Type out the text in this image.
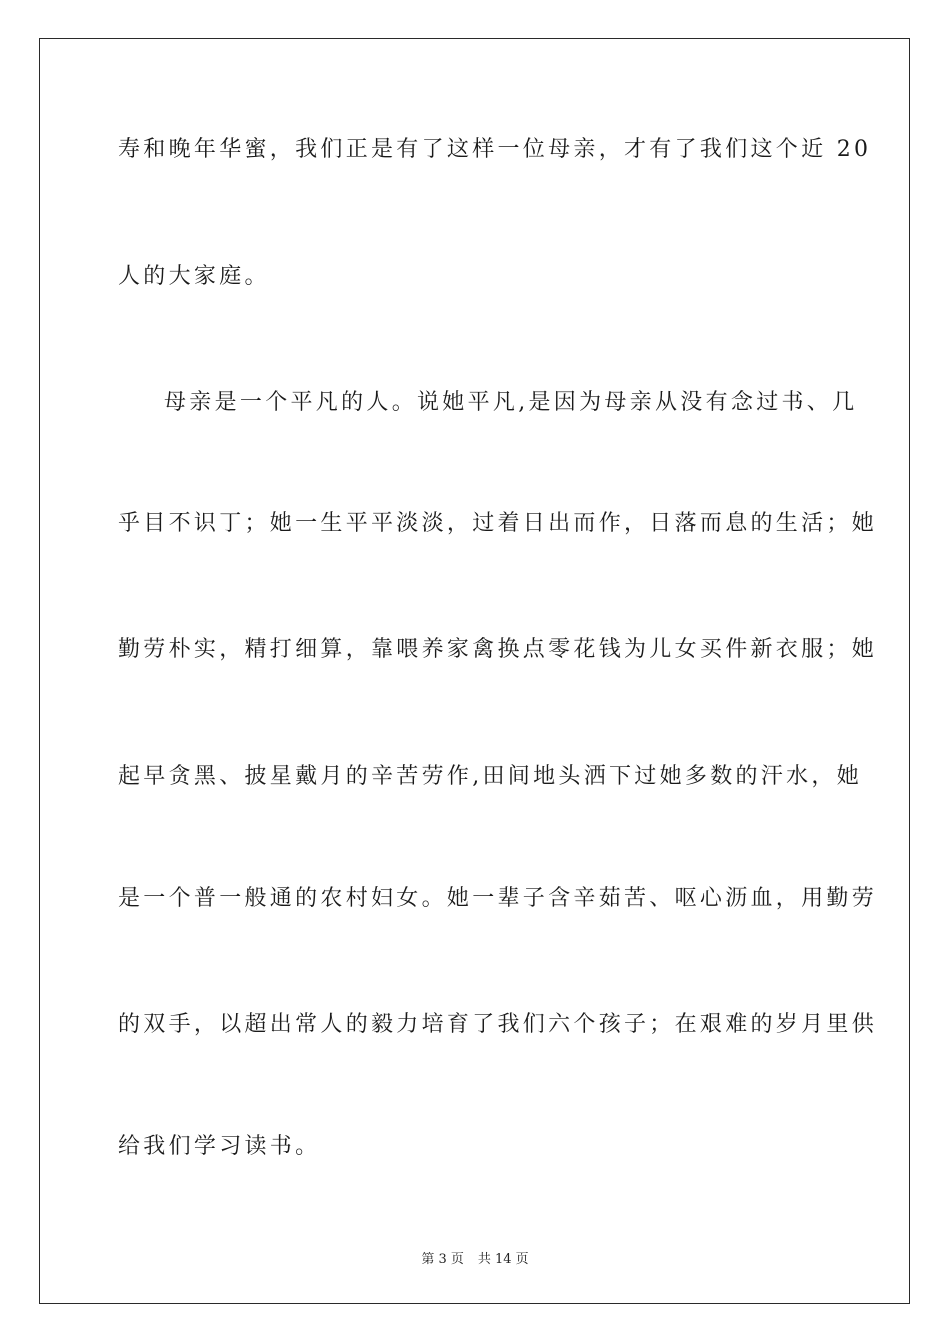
寿和晚年华蜜，我们正是有了这样一位母亲，才有了我们这个近 20
人的大家庭。
母亲是一个平凡的人。说她平凡,是因为母亲从没有念过书、几
乎目不识丁；她一生平平淡淡，过着日出而作，日落而息的生活；她
勤劳朴实，精打细算，靠喂养家禽换点零花钱为儿女买件新衣服；她
起早贪黑、披星戴月的辛苦劳作,田间地头洒下过她多数的汗水，她
是一个普一般通的农村妇女。她一辈子含辛茹苦、呕心沥血，用勤劳
的双手，以超出常人的毅力培育了我们六个孩子；在艰难的岁月里供
给我们学习读书。
第 3 页 共 14 页
